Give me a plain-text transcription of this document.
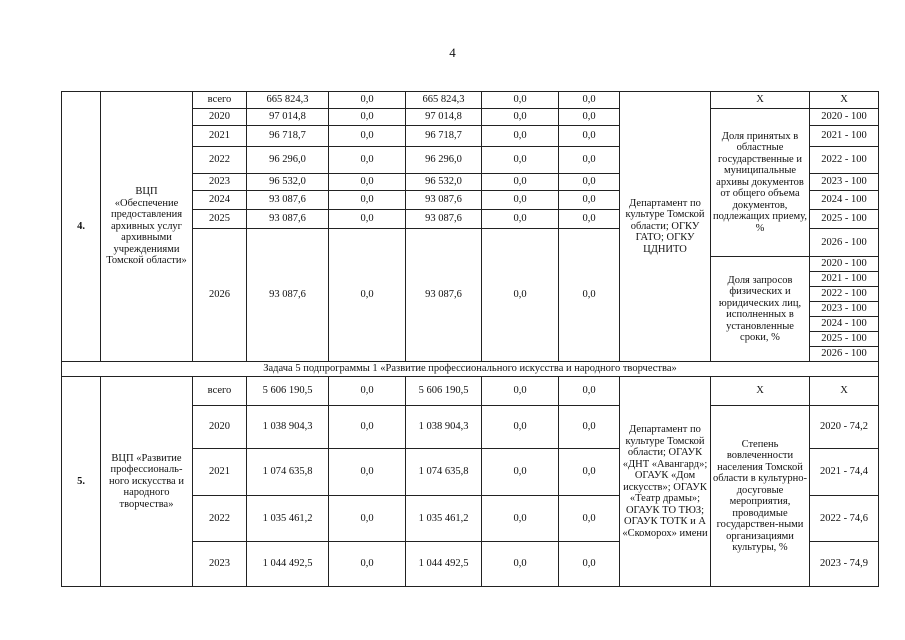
4
4.	ВЦП «Обеспечение предоставления архивных услуг архивными учреждениями Томской области»	всего	665 824,3	0,0	665 824,3	0,0	0,0	Департамент по культуре Томской области; ОГКУ ГАТО; ОГКУ ЦДНИТО	Х	Х
		2020	97 014,8	0,0	97 014,8	0,0	0,0		Доля принятых в областные государственные и муниципальные архивы документов от общего объема документов, подлежащих приему, %	2020 - 100
		2021	96 718,7	0,0	96 718,7	0,0	0,0			2021 - 100
		2022	96 296,0	0,0	96 296,0	0,0	0,0			2022 - 100
		2023	96 532,0	0,0	96 532,0	0,0	0,0			2023 - 100
		2024	93 087,6	0,0	93 087,6	0,0	0,0			2024 - 100
		2025	93 087,6	0,0	93 087,6	0,0	0,0			2025 - 100
		2026	93 087,6	0,0	93 087,6	0,0	0,0			2026 - 100
									Доля запросов физических и юридических лиц, исполненных в установленные сроки, %	2020 - 100
										2021 - 100
										2022 - 100
										2023 - 100
										2024 - 100
										2025 - 100
										2026 - 100
Задача 5 подпрограммы 1 «Развитие профессионального искусства и народного творчества»										
5.	ВЦП «Развитие профессиональ-ного искусства и народного творчества»	всего	5 606 190,5	0,0	5 606 190,5	0,0	0,0	Департамент по культуре Томской области; ОГАУК «ДНТ «Авангард»; ОГАУК «Дом искусств»; ОГАУК «Театр драмы»; ОГАУК ТО ТЮЗ; ОГАУК ТОТК и А «Скоморох» имени	Х	Х
		2020	1 038 904,3	0,0	1 038 904,3	0,0	0,0		Степень вовлеченности населения Томской области в культурно-досуговые мероприятия, проводимые государствен-ными организациями культуры, %	2020 - 74,2
		2021	1 074 635,8	0,0	1 074 635,8	0,0	0,0			2021 - 74,4
		2022	1 035 461,2	0,0	1 035 461,2	0,0	0,0			2022 - 74,6
		2023	1 044 492,5	0,0	1 044 492,5	0,0	0,0			2023 - 74,9
